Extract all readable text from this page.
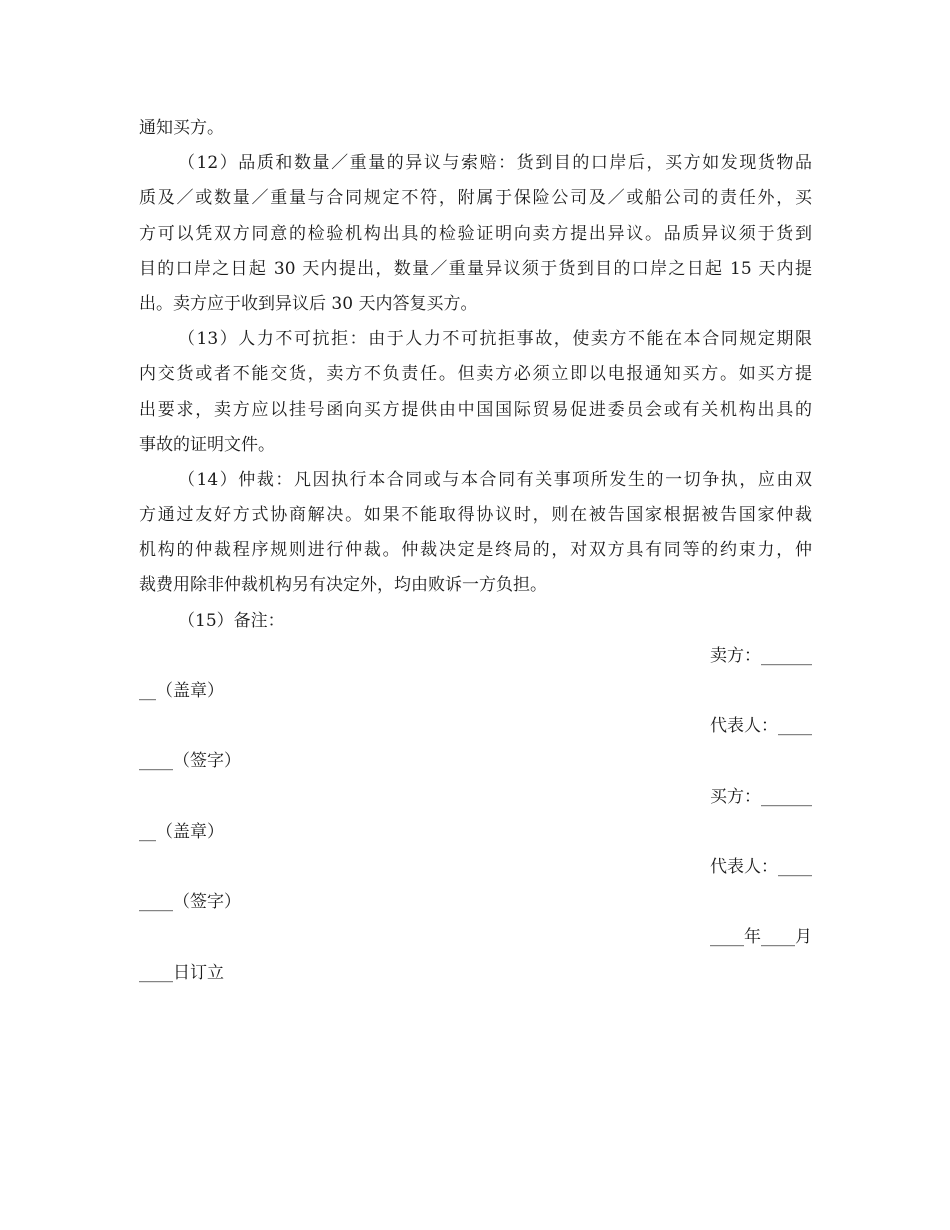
通知买方。
（12）品质和数量／重量的异议与索赔：货到目的口岸后，买方如发现货物品
质及／或数量／重量与合同规定不符，附属于保险公司及／或船公司的责任外，买
方可以凭双方同意的检验机构出具的检验证明向卖方提出异议。品质异议须于货到
目的口岸之日起 30 天内提出，数量／重量异议须于货到目的口岸之日起 15 天内提
出。卖方应于收到异议后 30 天内答复买方。
（13）人力不可抗拒：由于人力不可抗拒事故，使卖方不能在本合同规定期限
内交货或者不能交货，卖方不负责任。但卖方必须立即以电报通知买方。如买方提
出要求，卖方应以挂号函向买方提供由中国国际贸易促进委员会或有关机构出具的
事故的证明文件。
（14）仲裁：凡因执行本合同或与本合同有关事项所发生的一切争执，应由双
方通过友好方式协商解决。如果不能取得协议时，则在被告国家根据被告国家仲裁
机构的仲裁程序规则进行仲裁。仲裁决定是终局的，对双方具有同等的约束力，仲
裁费用除非仲裁机构另有决定外，均由败诉一方负担。
（15）备注：
卖方：______
__（盖章）
代表人：____
____（签字）
买方：______
__（盖章）
代表人：____
____（签字）
____年____月
____日订立
